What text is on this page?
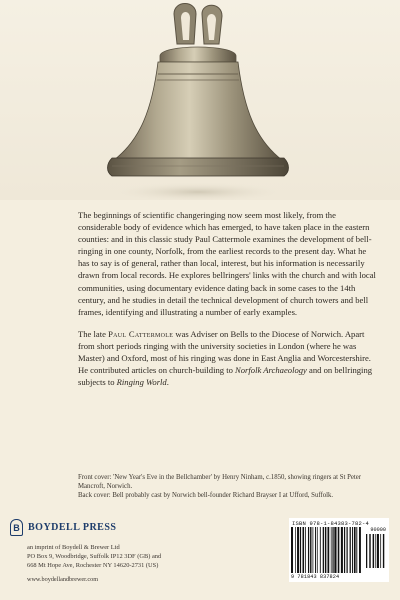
The beginnings of scientific changeringing now seem most likely, from the considerable body of evidence which has emerged, to have taken place in the eastern counties: and in this classic study Paul Cattermole examines the development of bell-ringing in one county, Norfolk, from the earliest records to the present day. What he has to say is of general, rather than local, interest, but his information is necessarily drawn from local records. He explores bellringers' links with the church and with local communities, using documentary evidence dating back in some cases to the 14th century, and he studies in detail the technical development of church towers and bell frames, identifying and illustrating a number of early examples.

The late Paul Cattermole was Adviser on Bells to the Diocese of Norwich. Apart from short periods ringing with the university societies in London (where he was Master) and Oxford, most of his ringing was done in East Anglia and Worcestershire. He contributed articles on church-building to Norfolk Archaeology and on bellringing subjects to Ringing World.

Front cover: 'New Year's Eve in the Bellchamber' by Henry Ninham, c.1850, showing ringers at St Peter Mancroft, Norwich.

Back cover: Bell probably cast by Norwich bell-founder Richard Brayser I at Ufford, Suffolk.

B BOYDELL PRESS
an imprint of Boydell & Brewer Ltd
PO Box 9, Woodbridge, Suffolk IP12 3DF (GB) and
668 Mt Hope Ave, Rochester NY 14620-2731 (US)
www.boydellandbrewer.com
ISBN 978-1-84383-782-4
90000
9 781843 837824
